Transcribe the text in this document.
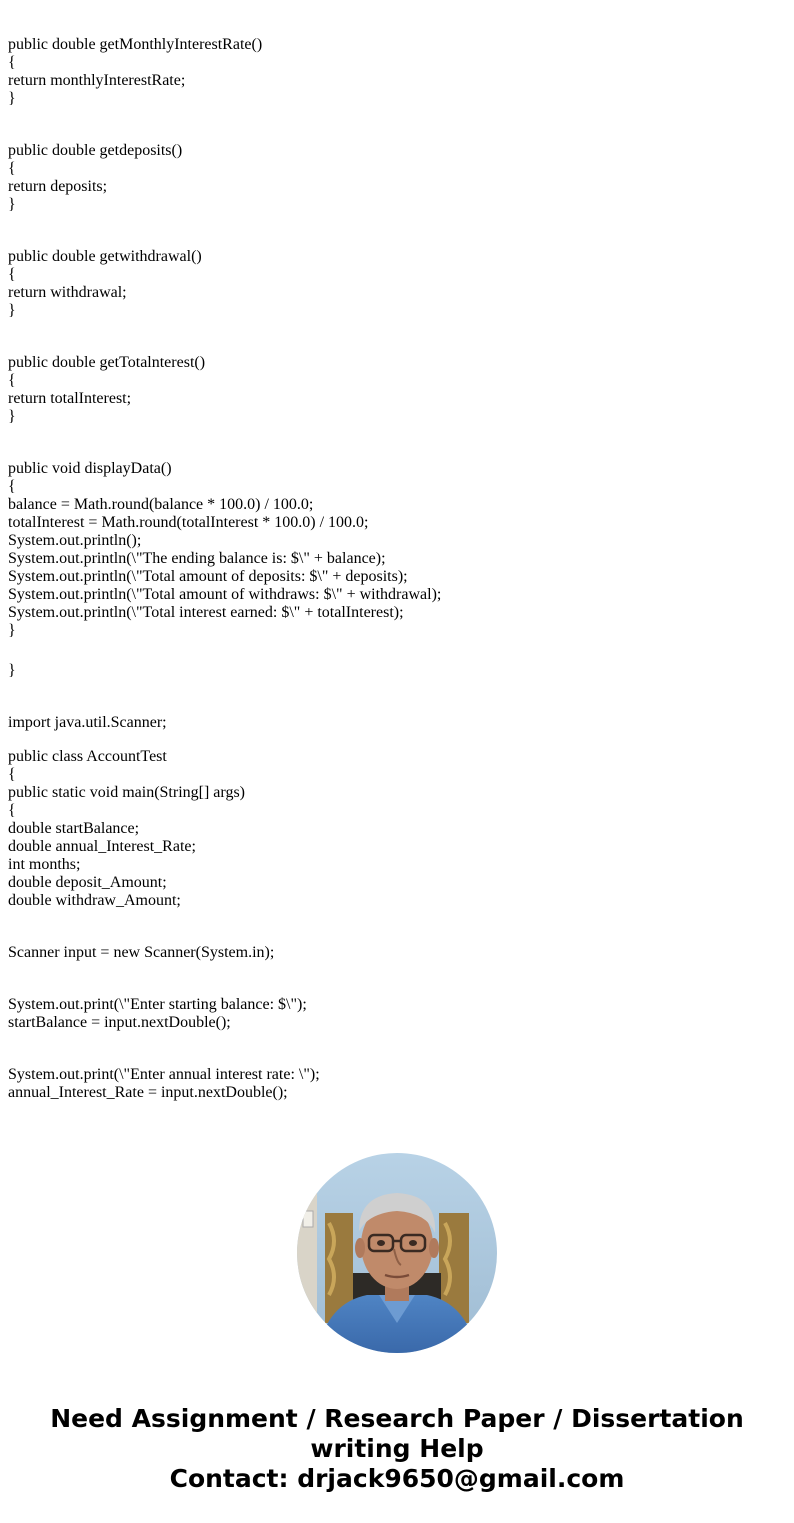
public double getMonthlyInterestRate()
{
return monthlyInterestRate;
}
public double getdeposits()
{
return deposits;
}
public double getwithdrawal()
{
return withdrawal;
}
public double getTotalnterest()
{
return totalInterest;
}
public void displayData()
{
balance = Math.round(balance * 100.0) / 100.0;
totalInterest = Math.round(totalInterest * 100.0) / 100.0;
System.out.println();
System.out.println(\"The ending balance is: $\" + balance);
System.out.println(\"Total amount of deposits: $\" + deposits);
System.out.println(\"Total amount of withdraws: $\" + withdrawal);
System.out.println(\"Total interest earned: $\" + totalInterest);
}
}
import java.util.Scanner;
public class AccountTest
{
public static void main(String[] args)
{
double startBalance;
double annual_Interest_Rate;
int months;
double deposit_Amount;
double withdraw_Amount;
Scanner input = new Scanner(System.in);
System.out.print(\"Enter starting balance: $\");
startBalance = input.nextDouble();
System.out.print(\"Enter annual interest rate: \");
annual_Interest_Rate = input.nextDouble();
Need Assignment / Research Paper / Dissertation
writing Help
Contact: drjack9650@gmail.com
